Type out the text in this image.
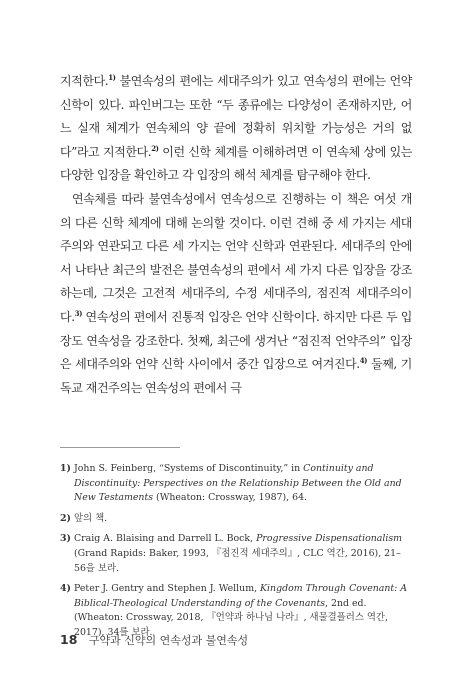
지적한다.$^{1)}$ 불연속성의 편에는 세대주의가 있고 연속성의 편에는 언약 신학이 있다. 파인버그는 또한 “두 종류에는 다양성이 존재하지만, 어느 실재 체계가 연속체의 양 끝에 정확히 위치할 가능성은 거의 없다”라고 지적한다.$^{2)}$ 이런 신학 체계를 이해하려면 이 연속체 상에 있는 다양한 입장을 확인하고 각 입장의 해석 체계를 탐구해야 한다.

연속체를 따라 불연속성에서 연속성으로 진행하는 이 책은 여섯 개의 다른 신학 체계에 대해 논의할 것이다. 이런 견해 중 세 가지는 세대주의와 연관되고 다른 세 가지는 언약 신학과 연관된다. 세대주의 안에서 나타난 최근의 발전은 불연속성의 편에서 세 가지 다른 입장을 강조하는데, 그것은 고전적 세대주의, 수정 세대주의, 점진적 세대주의이다.$^{3)}$ 연속성의 편에서 진통적 입장은 언약 신학이다. 하지만 다른 두 입장도 연속성을 강조한다. 첫째, 최근에 생겨난 “점진적 언약주의” 입장은 세대주의와 언약 신학 사이에서 중간 입장으로 여겨진다.$^{4)}$ 둘째, 기독교 재건주의는 연속성의 편에서 극

1) John S. Feinberg, “Systems of Discontinuity,” in Continuity and Discontinuity: Perspectives on the Relationship Between the Old and New Testaments (Wheaton: Crossway, 1987), 64.
2) 앞의 책.
3) Craig A. Blaising and Darrell L. Bock, Progressive Dispensationalism (Grand Rapids: Baker, 1993, 『점진적 세대주의』, CLC 역간, 2016), 21–56을 보라.
4) Peter J. Gentry and Stephen J. Wellum, Kingdom Through Covenant: A Biblical-Theological Understanding of the Covenants, 2nd ed. (Wheaton: Crossway, 2018, 『언약과 하나님 나라』, 새물결플러스 역간, 2017), 34를 보라.
18 구약과 신약의 연속성과 불연속성
